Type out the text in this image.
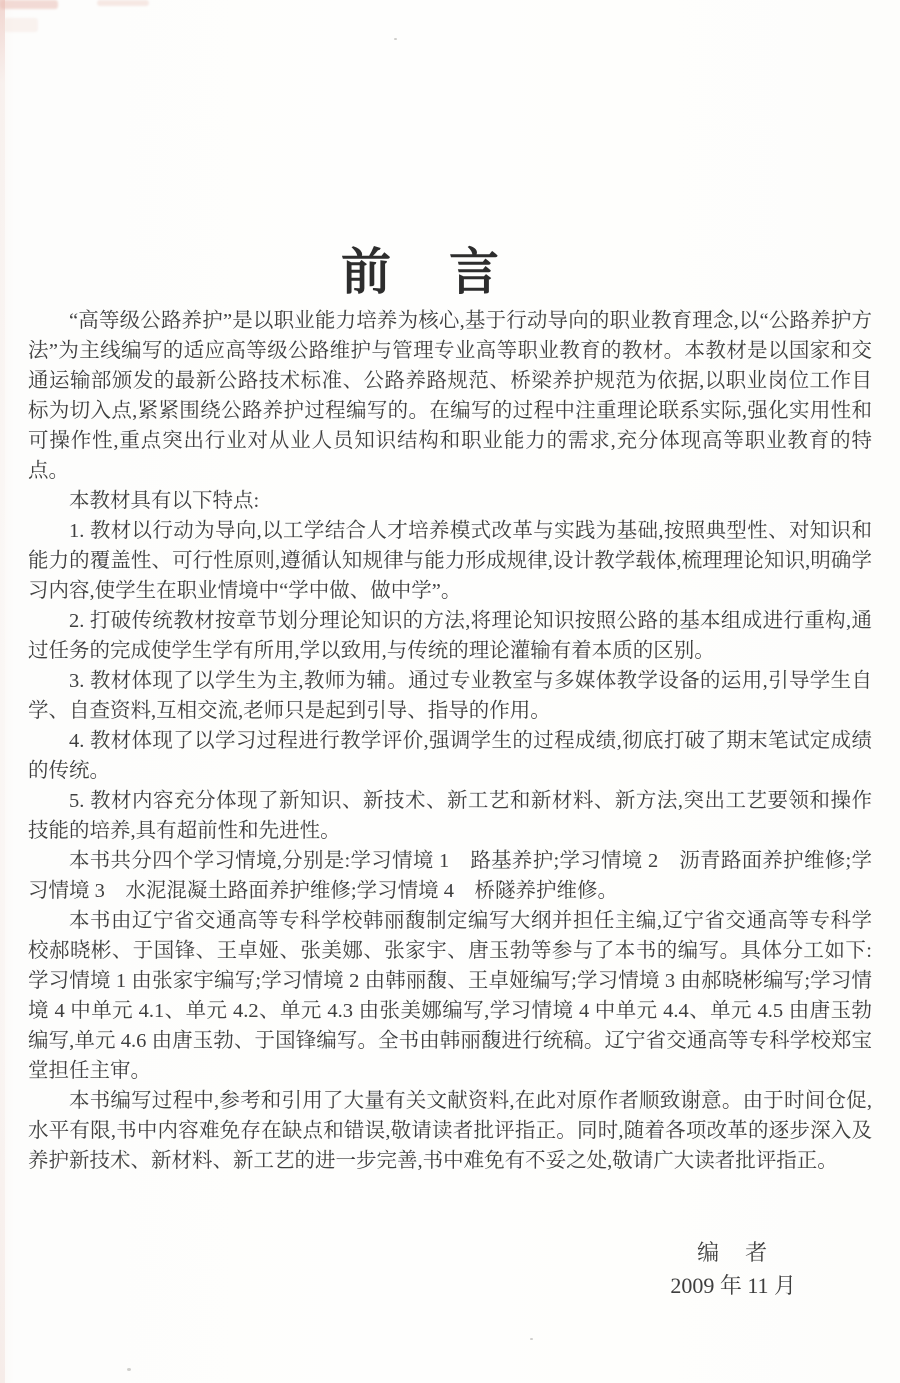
前　言

“高等级公路养护”是以职业能力培养为核心,基于行动导向的职业教育理念,以“公路养护方法”为主线编写的适应高等级公路维护与管理专业高等职业教育的教材。本教材是以国家和交通运输部颁发的最新公路技术标准、公路养路规范、桥梁养护规范为依据,以职业岗位工作目标为切入点,紧紧围绕公路养护过程编写的。在编写的过程中注重理论联系实际,强化实用性和可操作性,重点突出行业对从业人员知识结构和职业能力的需求,充分体现高等职业教育的特点。

本教材具有以下特点:

1. 教材以行动为导向,以工学结合人才培养模式改革与实践为基础,按照典型性、对知识和能力的覆盖性、可行性原则,遵循认知规律与能力形成规律,设计教学载体,梳理理论知识,明确学习内容,使学生在职业情境中“学中做、做中学”。

2. 打破传统教材按章节划分理论知识的方法,将理论知识按照公路的基本组成进行重构,通过任务的完成使学生学有所用,学以致用,与传统的理论灌输有着本质的区别。

3. 教材体现了以学生为主,教师为辅。通过专业教室与多媒体教学设备的运用,引导学生自学、自查资料,互相交流,老师只是起到引导、指导的作用。

4. 教材体现了以学习过程进行教学评价,强调学生的过程成绩,彻底打破了期末笔试定成绩的传统。

5. 教材内容充分体现了新知识、新技术、新工艺和新材料、新方法,突出工艺要领和操作技能的培养,具有超前性和先进性。

本书共分四个学习情境,分别是:学习情境 1　路基养护;学习情境 2　沥青路面养护维修;学习情境 3　水泥混凝土路面养护维修;学习情境 4　桥隧养护维修。

本书由辽宁省交通高等专科学校韩丽馥制定编写大纲并担任主编,辽宁省交通高等专科学校郝晓彬、于国锋、王卓娅、张美娜、张家宇、唐玉勃等参与了本书的编写。具体分工如下:学习情境 1 由张家宇编写;学习情境 2 由韩丽馥、王卓娅编写;学习情境 3 由郝晓彬编写;学习情境 4 中单元 4.1、单元 4.2、单元 4.3 由张美娜编写,学习情境 4 中单元 4.4、单元 4.5 由唐玉勃编写,单元 4.6 由唐玉勃、于国锋编写。全书由韩丽馥进行统稿。辽宁省交通高等专科学校郑宝堂担任主审。

本书编写过程中,参考和引用了大量有关文献资料,在此对原作者顺致谢意。由于时间仓促,水平有限,书中内容难免存在缺点和错误,敬请读者批评指正。同时,随着各项改革的逐步深入及养护新技术、新材料、新工艺的进一步完善,书中难免有不妥之处,敬请广大读者批评指正。

编　者
2009 年 11 月
